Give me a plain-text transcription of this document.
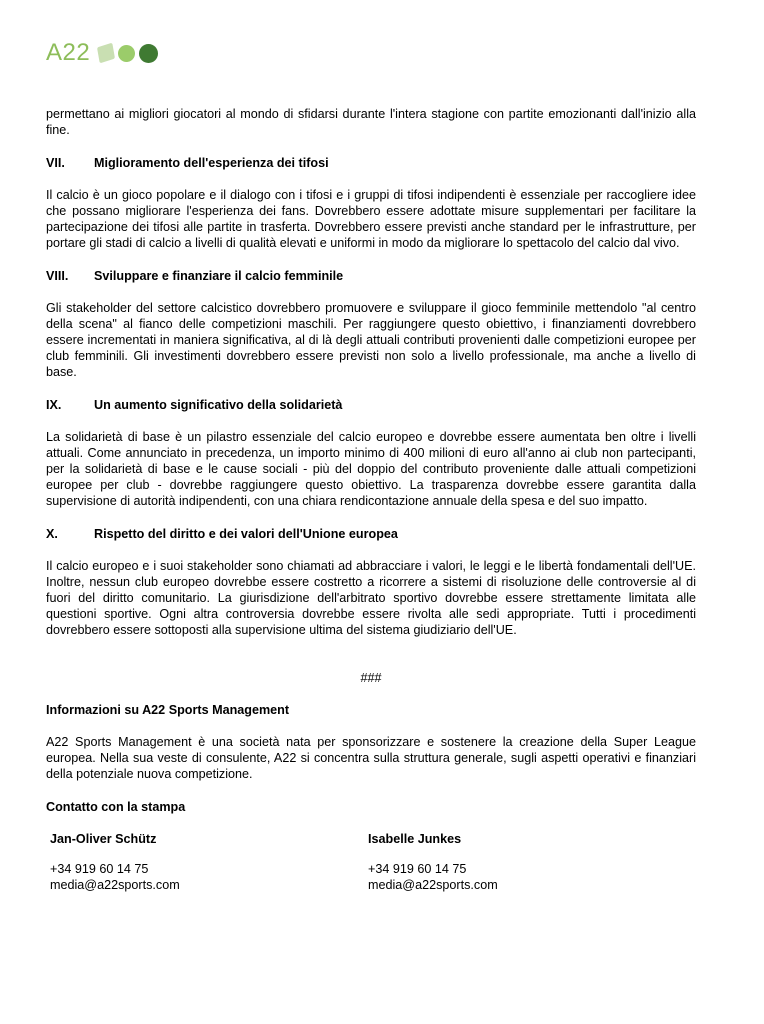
A22

permettano ai migliori giocatori al mondo di sfidarsi durante l'intera stagione con partite emozionanti dall'inizio alla fine.

VII.	Miglioramento dell'esperienza dei tifosi

Il calcio è un gioco popolare e il dialogo con i tifosi e i gruppi di tifosi indipendenti è essenziale per raccogliere idee che possano migliorare l'esperienza dei fans. Dovrebbero essere adottate misure supplementari per facilitare la partecipazione dei tifosi alle partite in trasferta. Dovrebbero essere previsti anche standard per le infrastrutture, per portare gli stadi di calcio a livelli di qualità elevati e uniformi in modo da migliorare lo spettacolo del calcio dal vivo.

VIII.	Sviluppare e finanziare il calcio femminile

Gli stakeholder del settore calcistico dovrebbero promuovere e sviluppare il gioco femminile mettendolo "al centro della scena" al fianco delle competizioni maschili. Per raggiungere questo obiettivo, i finanziamenti dovrebbero essere incrementati in maniera significativa, al di là degli attuali contributi provenienti dalle competizioni europee per club femminili. Gli investimenti dovrebbero essere previsti non solo a livello professionale, ma anche a livello di base.

IX.	Un aumento significativo della solidarietà

La solidarietà di base è un pilastro essenziale del calcio europeo e dovrebbe essere aumentata ben oltre i livelli attuali. Come annunciato in precedenza, un importo minimo di 400 milioni di euro all'anno ai club non partecipanti, per la solidarietà di base e le cause sociali - più del doppio del contributo proveniente dalle attuali competizioni europee per club - dovrebbe raggiungere questo obiettivo. La trasparenza dovrebbe essere garantita dalla supervisione di autorità indipendenti, con una chiara rendicontazione annuale della spesa e del suo impatto.

X.	Rispetto del diritto e dei valori dell'Unione europea

Il calcio europeo e i suoi stakeholder sono chiamati ad abbracciare i valori, le leggi e le libertà fondamentali dell'UE. Inoltre, nessun club europeo dovrebbe essere costretto a ricorrere a sistemi di risoluzione delle controversie al di fuori del diritto comunitario. La giurisdizione dell'arbitrato sportivo dovrebbe essere strettamente limitata alle questioni sportive. Ogni altra controversia dovrebbe essere rivolta alle sedi appropriate. Tutti i procedimenti dovrebbero essere sottoposti alla supervisione ultima del sistema giudiziario dell'UE.

###

Informazioni su A22 Sports Management

A22 Sports Management è una società nata per sponsorizzare e sostenere la creazione della Super League europea. Nella sua veste di consulente, A22 si concentra sulla struttura generale, sugli aspetti operativi e finanziari della potenziale nuova competizione.

Contatto con la stampa

Jan-Oliver Schütz

+34 919 60 14 75

media@a22sports.com

Isabelle Junkes

+34 919 60 14 75

media@a22sports.com
